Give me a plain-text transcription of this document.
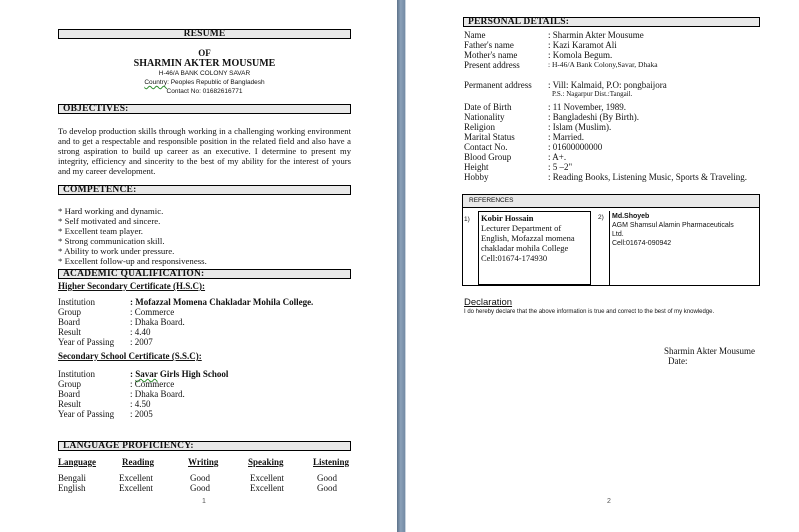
RESUME
OF
SHARMIN AKTER MOUSUME
H-46/A BANK COLONY SAVAR
Country: Peoples Republic of Bangladesh
Contact No: 01682616771
OBJECTIVES:
To develop production skills through working in a challenging working environment and to get a respectable and responsible position in the related field and also have a strong aspiration to build up career as an executive. I determine to present my integrity, efficiency and sincerity to the best of my ability for the interest of yours and my career development.
COMPETENCE:
* Hard working and dynamic.
* Self motivated and sincere.
* Excellent team player.
* Strong communication skill.
* Ability to work under pressure.
* Excellent follow-up and responsiveness.
ACADEMIC QUALIFICATION:
Higher Secondary Certificate (H.S.C):
Institution	: Mofazzal Momena Chakladar Mohila College.
Group	: Commerce
Board	: Dhaka Board.
Result	: 4.40
Year of Passing : 2007
Secondary School Certificate (S.S.C):
Institution	: Savar Girls High School
Group	: Commerce
Board	: Dhaka Board.
Result	: 4.50
Year of Passing : 2005
LANGUAGE PROFICIENCY:
Language	Reading	Writing	Speaking	Listening
Bengali	Excellent	Good	Excellent	Good
English	Excellent	Good	Excellent	Good
1
PERSONAL DETAILS:
Name	: Sharmin Akter Mousume
Father's name	: Kazi Karamot Ali
Mother's name	: Komola Begum.
Present address	: H-46/A Bank Colony,Savar, Dhaka
Permanent address : Vill: Kalmaid, P.O: pongbaijora
P.S.: Nagarpur Dist.:Tangail.
Date of Birth	: 11 November, 1989.
Nationality	: Bangladeshi (By Birth).
Religion	: Islam (Muslim).
Marital Status	: Married.
Contact No.	: 01600000000
Blood Group	: A+.
Height	: 5 –2"
Hobby	: Reading Books, Listening Music, Sports & Traveling.
REFERENCES
1) Kobir Hossain
Lecturer Department of
English, Mofazzal momena
chakladar mohila College
Cell:01674-174930
2) Md.Shoyeb
AGM Shamsul Alamin Pharmaceuticals
Ltd.
Cell:01674-090942
Declaration
I do hereby declare that the above information is true and correct to the best of my knowledge.
Sharmin Akter Mousume
Date:
2
